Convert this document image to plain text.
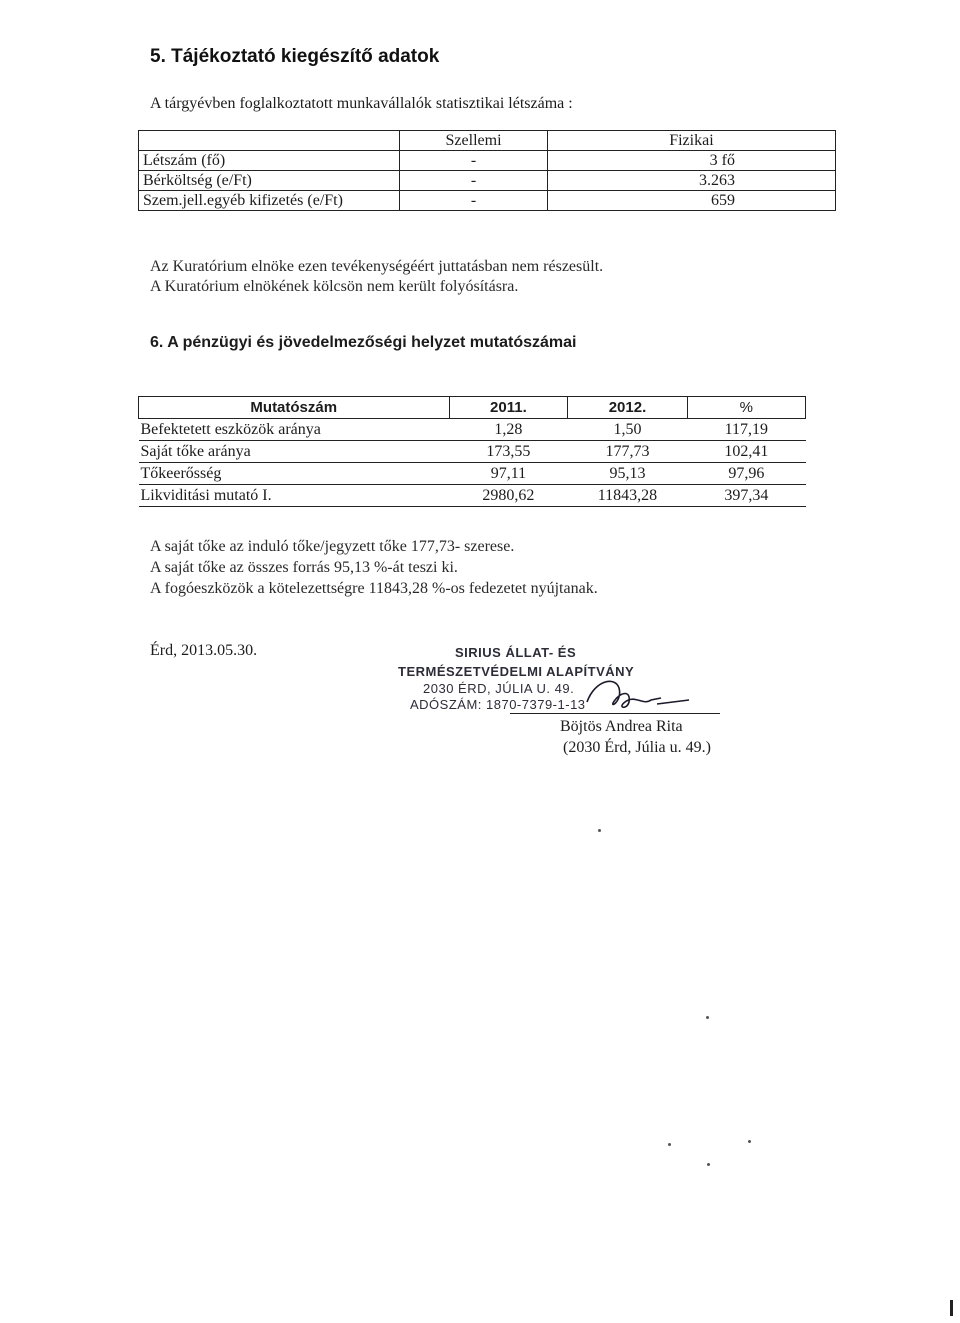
5. Tájékoztató kiegészítő adatok
A tárgyévben foglalkoztatott munkavállalók statisztikai létszáma :
	Szellemi	Fizikai
Létszám (fő)	-	3 fő
Bérköltség (e/Ft)	-	3.263
Szem.jell.egyéb kifizetés (e/Ft)	-	659
Az Kuratórium elnöke ezen tevékenységéért juttatásban nem részesült.
A Kuratórium elnökének kölcsön nem került folyósításra.
6. A pénzügyi és jövedelmezőségi helyzet mutatószámai
Mutatószám	2011.	2012.	%
Befektetett eszközök aránya	1,28	1,50	117,19
Saját tőke aránya	173,55	177,73	102,41
Tőkeerősség	97,11	95,13	97,96
Likviditási mutató I.	2980,62	11843,28	397,34
A saját tőke az induló tőke/jegyzett tőke 177,73- szerese.
A saját tőke az összes forrás 95,13 %-át teszi ki.
A fogóeszközök a kötelezettségre 11843,28 %-os fedezetet nyújtanak.
Érd, 2013.05.30.	SIRIUS ÁLLAT- ÉS
TERMÉSZETVÉDELMI ALAPÍTVÁNY
2030 ÉRD, JÚLIA U. 49.
ADÓSZÁM: 1870-7379-1-13
Böjtös Andrea Rita
(2030 Érd, Júlia u. 49.)
